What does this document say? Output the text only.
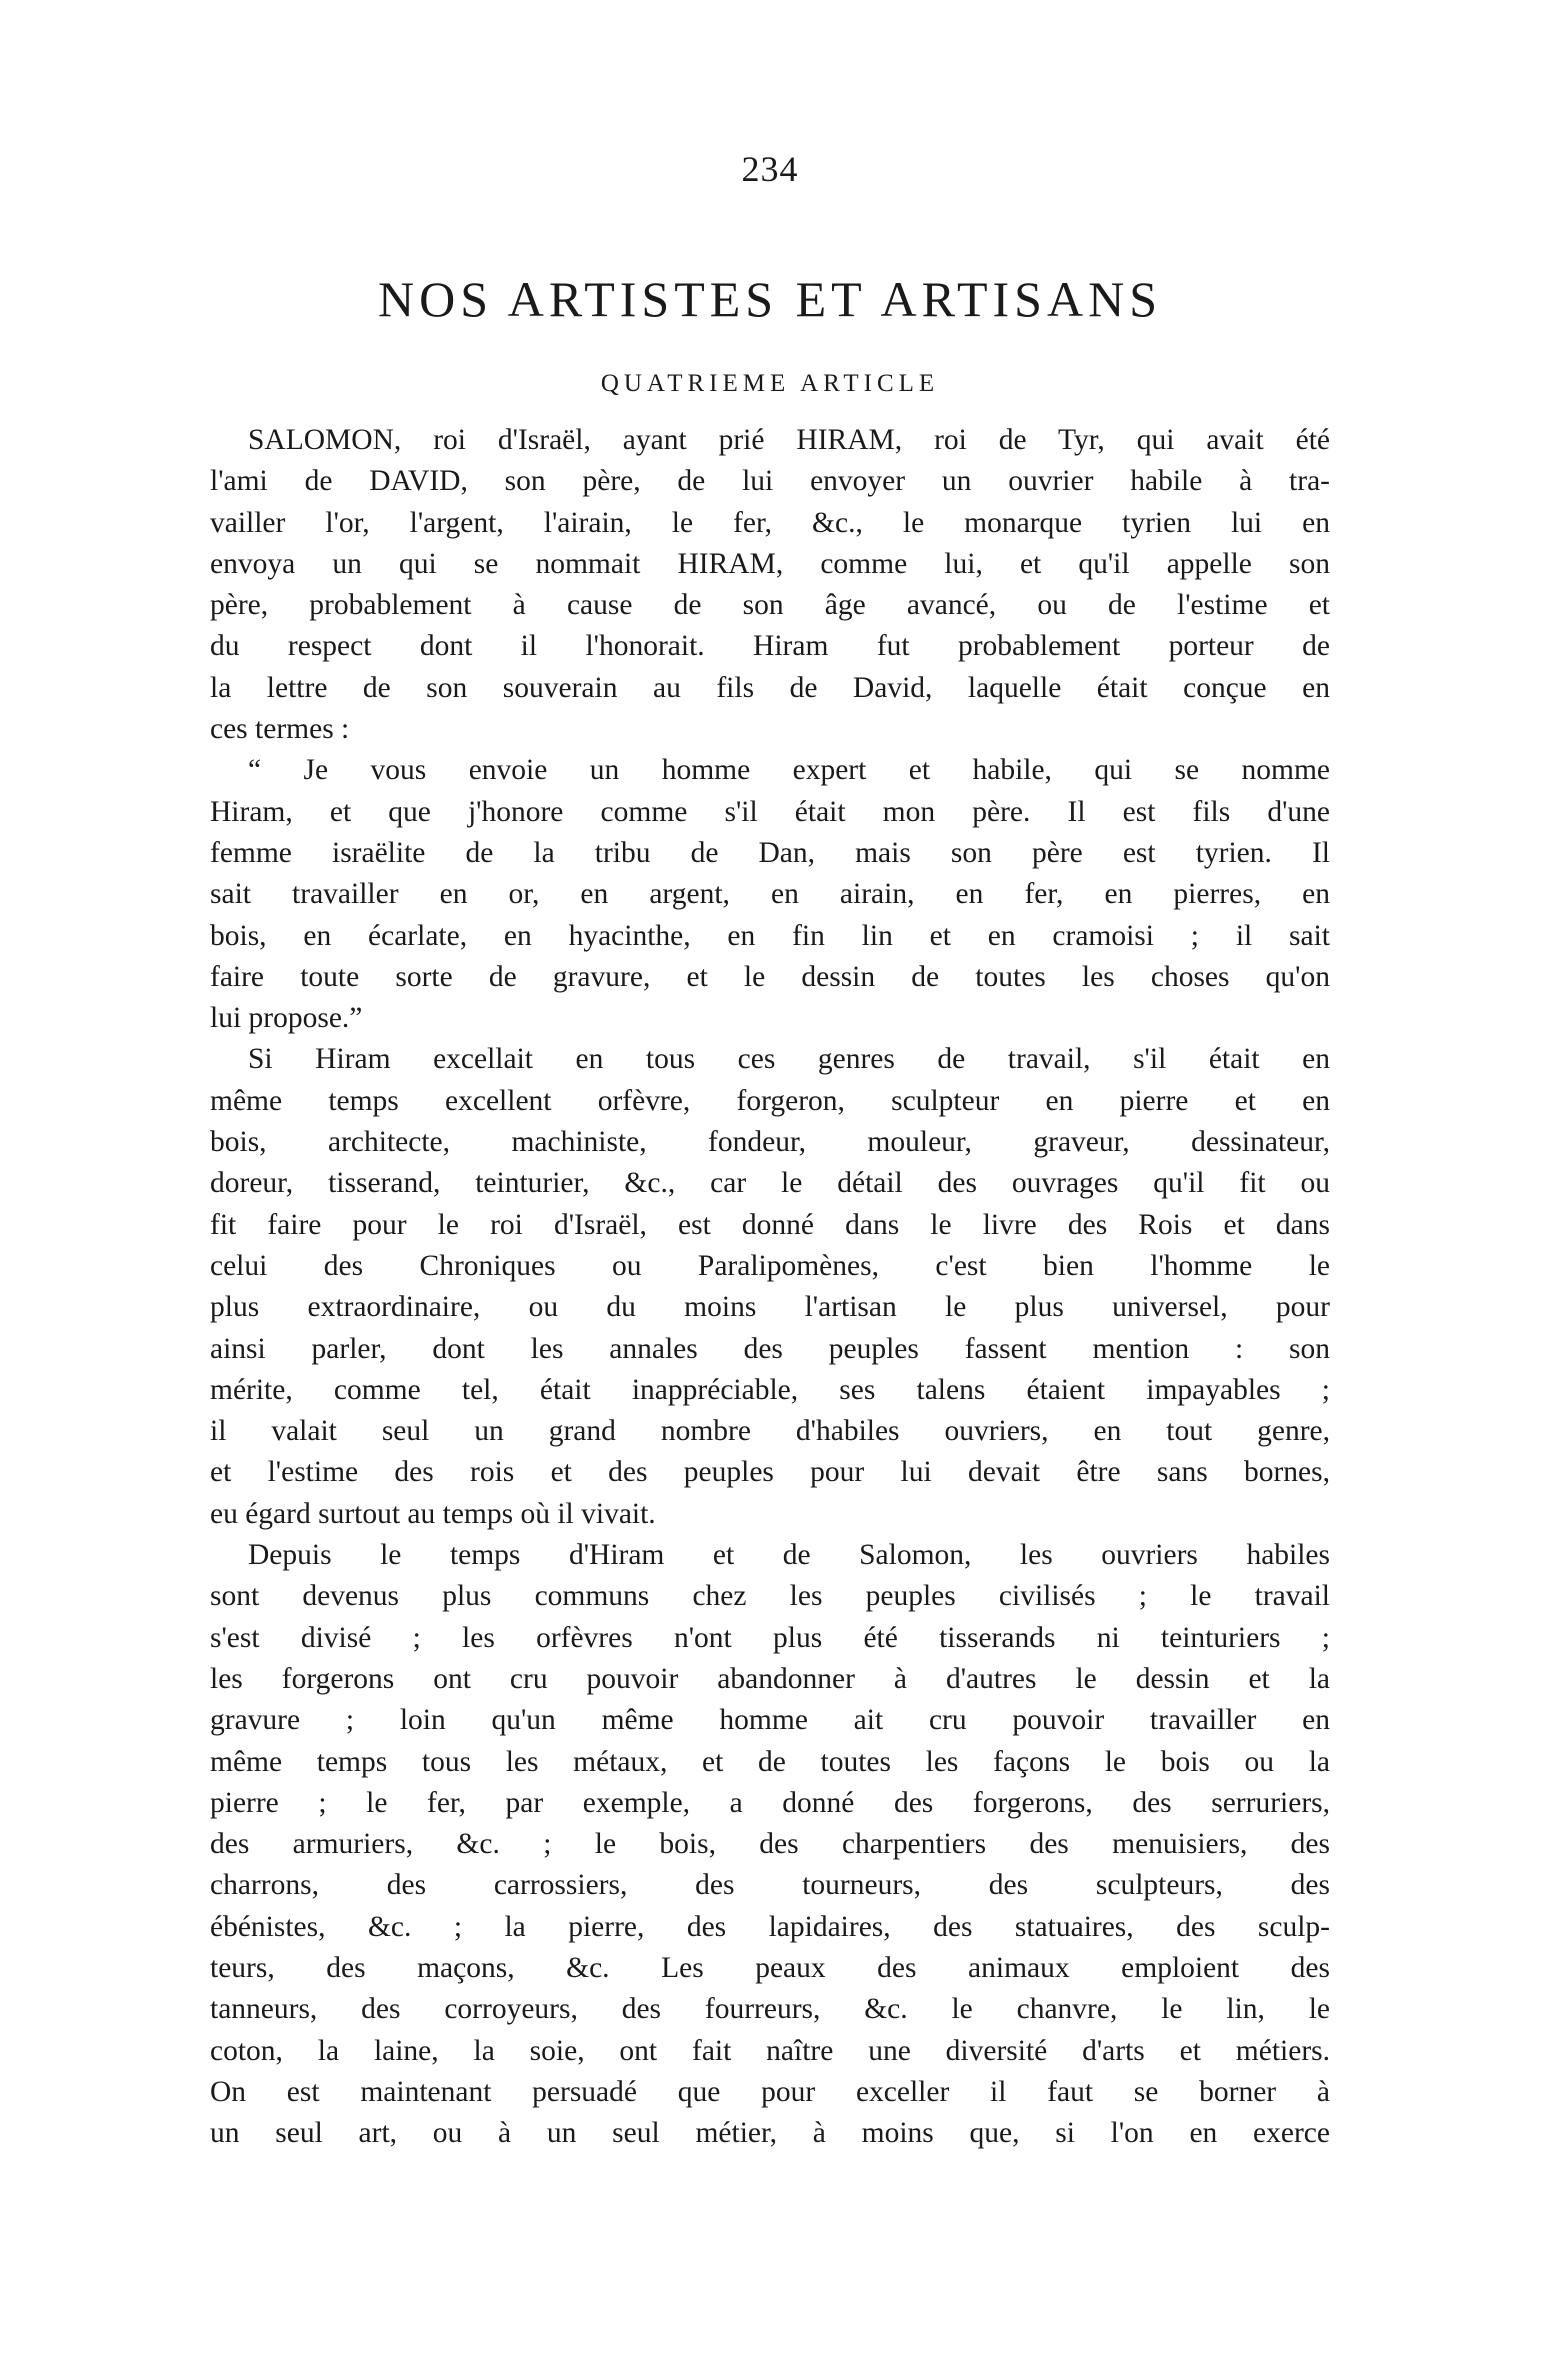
234
NOS ARTISTES ET ARTISANS
QUATRIEME ARTICLE
SALOMON, roi d'Israël, ayant prié HIRAM, roi de Tyr, qui avait été
l'ami de DAVID, son père, de lui envoyer un ouvrier habile à tra-
vailler l'or, l'argent, l'airain, le fer, &c., le monarque tyrien lui en
envoya un qui se nommait HIRAM, comme lui, et qu'il appelle son
père, probablement à cause de son âge avancé, ou de l'estime et
du respect dont il l'honorait. Hiram fut probablement porteur de
la lettre de son souverain au fils de David, laquelle était conçue en
ces termes :
“ Je vous envoie un homme expert et habile, qui se nomme
Hiram, et que j'honore comme s'il était mon père. Il est fils d'une
femme israëlite de la tribu de Dan, mais son père est tyrien. Il
sait travailler en or, en argent, en airain, en fer, en pierres, en
bois, en écarlate, en hyacinthe, en fin lin et en cramoisi ; il sait
faire toute sorte de gravure, et le dessin de toutes les choses qu'on
lui propose.”
Si Hiram excellait en tous ces genres de travail, s'il était en
même temps excellent orfèvre, forgeron, sculpteur en pierre et en
bois, architecte, machiniste, fondeur, mouleur, graveur, dessinateur,
doreur, tisserand, teinturier, &c., car le détail des ouvrages qu'il fit ou
fit faire pour le roi d'Israël, est donné dans le livre des Rois et dans
celui des Chroniques ou Paralipomènes, c'est bien l'homme le
plus extraordinaire, ou du moins l'artisan le plus universel, pour
ainsi parler, dont les annales des peuples fassent mention : son
mérite, comme tel, était inappréciable, ses talens étaient impayables ;
il valait seul un grand nombre d'habiles ouvriers, en tout genre,
et l'estime des rois et des peuples pour lui devait être sans bornes,
eu égard surtout au temps où il vivait.
Depuis le temps d'Hiram et de Salomon, les ouvriers habiles
sont devenus plus communs chez les peuples civilisés ; le travail
s'est divisé ; les orfèvres n'ont plus été tisserands ni teinturiers ;
les forgerons ont cru pouvoir abandonner à d'autres le dessin et la
gravure ; loin qu'un même homme ait cru pouvoir travailler en
même temps tous les métaux, et de toutes les façons le bois ou la
pierre ; le fer, par exemple, a donné des forgerons, des serruriers,
des armuriers, &c. ; le bois, des charpentiers des menuisiers, des
charrons, des carrossiers, des tourneurs, des sculpteurs, des
ébénistes, &c. ; la pierre, des lapidaires, des statuaires, des sculp-
teurs, des maçons, &c. Les peaux des animaux emploient des
tanneurs, des corroyeurs, des fourreurs, &c. le chanvre, le lin, le
coton, la laine, la soie, ont fait naître une diversité d'arts et métiers.
On est maintenant persuadé que pour exceller il faut se borner à
un seul art, ou à un seul métier, à moins que, si l'on en exerce
